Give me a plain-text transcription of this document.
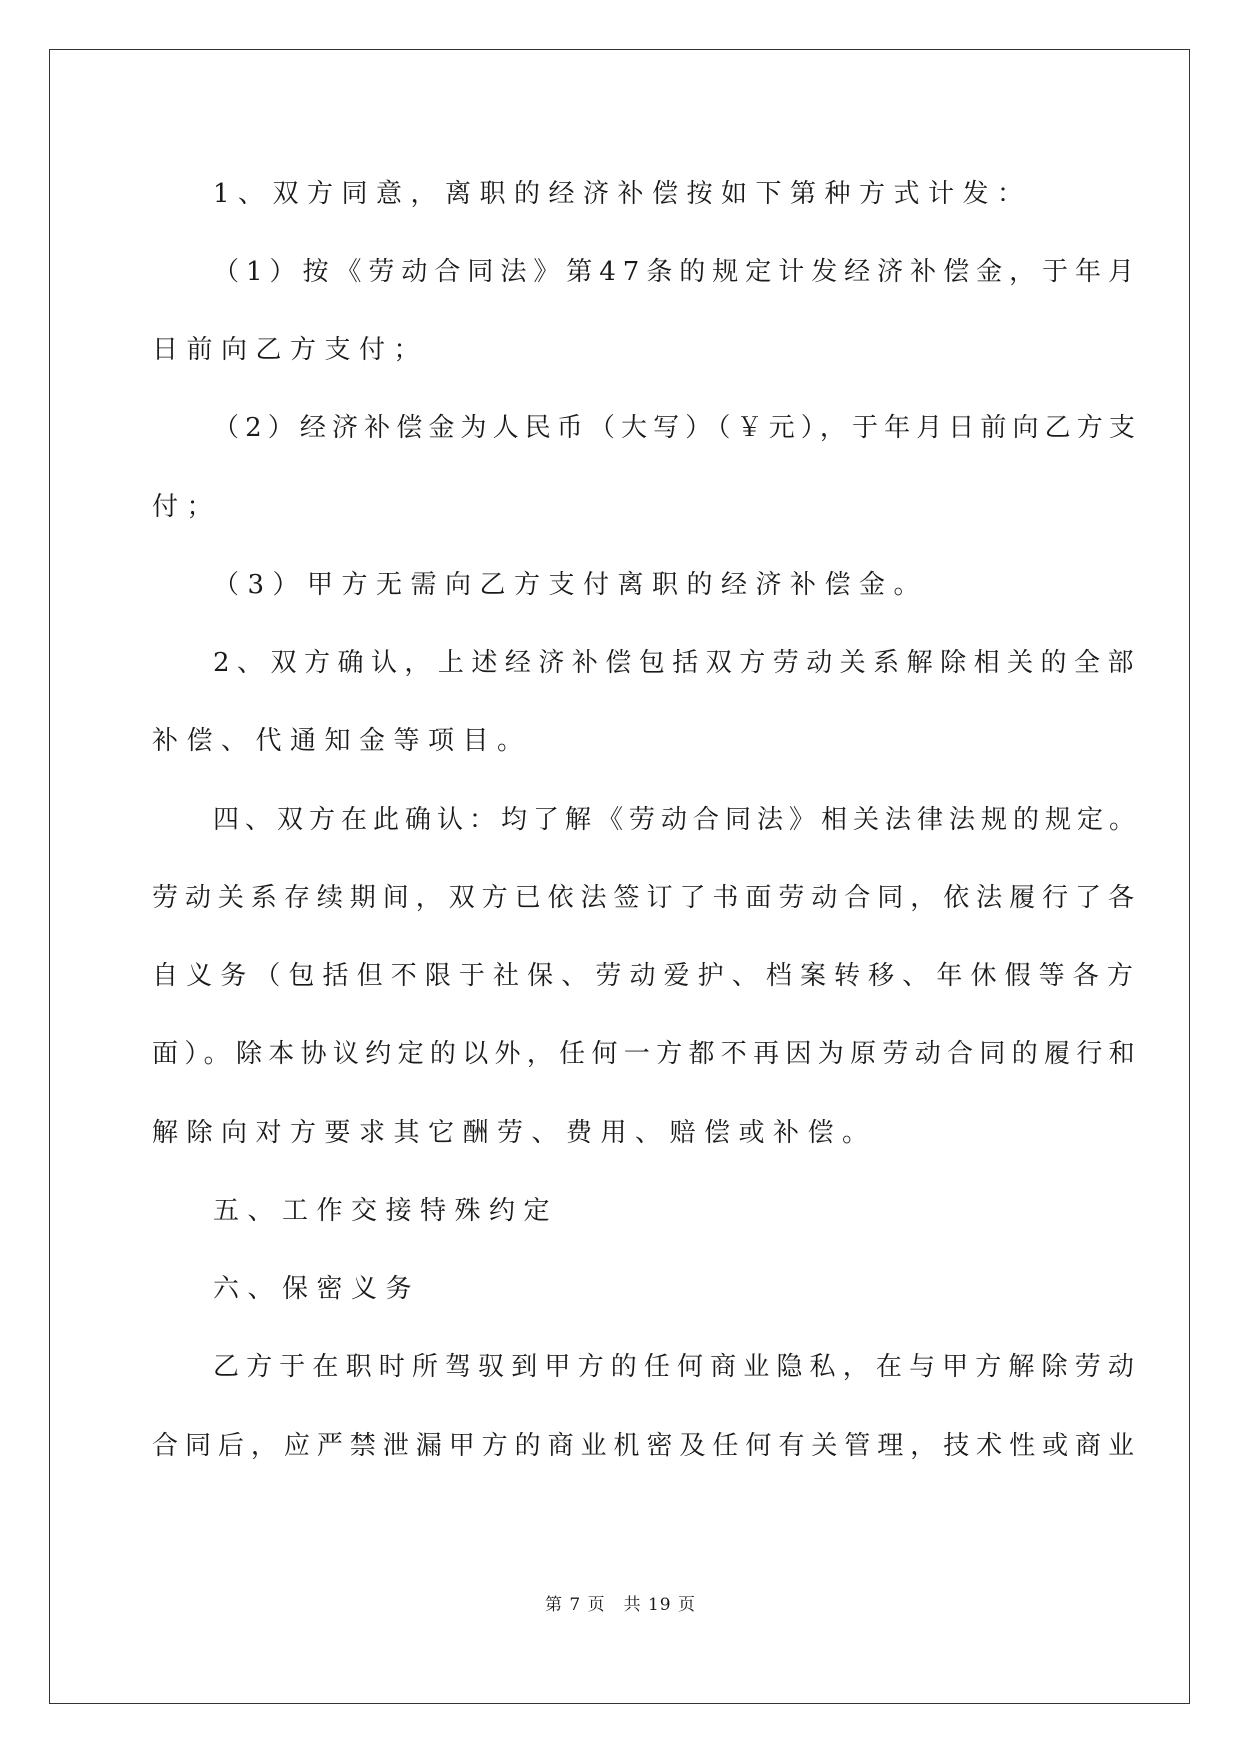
1、双方同意，离职的经济补偿按如下第种方式计发：
（1）按《劳动合同法》第47条的规定计发经济补偿金，于年月
日前向乙方支付；
（2）经济补偿金为人民币（大写）（￥元），于年月日前向乙方支
付；
（3）甲方无需向乙方支付离职的经济补偿金。
2、双方确认，上述经济补偿包括双方劳动关系解除相关的全部
补偿、代通知金等项目。
四、双方在此确认：均了解《劳动合同法》相关法律法规的规定。
劳动关系存续期间，双方已依法签订了书面劳动合同，依法履行了各
自义务（包括但不限于社保、劳动爱护、档案转移、年休假等各方
面）。除本协议约定的以外，任何一方都不再因为原劳动合同的履行和
解除向对方要求其它酬劳、费用、赔偿或补偿。
五、工作交接特殊约定
六、保密义务
乙方于在职时所驾驭到甲方的任何商业隐私，在与甲方解除劳动
合同后，应严禁泄漏甲方的商业机密及任何有关管理，技术性或商业
第 7 页　共 19 页
